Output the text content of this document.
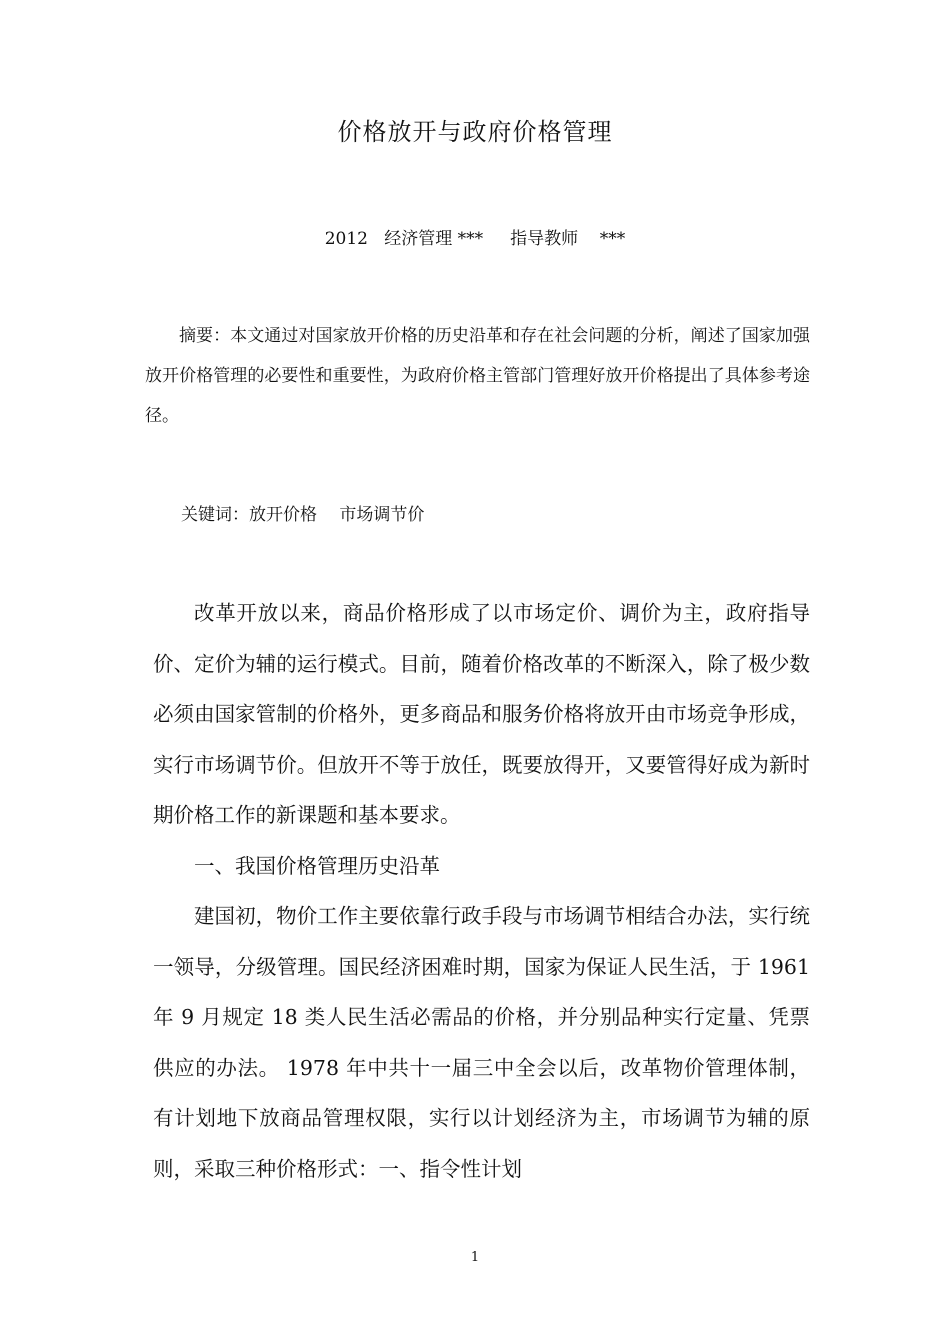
价格放开与政府价格管理
2012 经济管理 *** 指导教师 ***
摘要：本文通过对国家放开价格的历史沿革和存在社会问题的分析，阐述了国家加强放开价格管理的必要性和重要性，为政府价格主管部门管理好放开价格提出了具体参考途径。
关键词：放开价格　 市场调节价

改革开放以来，商品价格形成了以市场定价、调价为主，政府指导价、定价为辅的运行模式。目前，随着价格改革的不断深入，除了极少数必须由国家管制的价格外，更多商品和服务价格将放开由市场竞争形成，实行市场调节价。但放开不等于放任，既要放得开，又要管得好成为新时期价格工作的新课题和基本要求。

一、我国价格管理历史沿革

建国初，物价工作主要依靠行政手段与市场调节相结合办法，实行统一领导，分级管理。国民经济困难时期，国家为保证人民生活，于 1961 年 9 月规定 18 类人民生活必需品的价格，并分别品种实行定量、凭票供应的办法。 1978 年中共十一届三中全会以后，改革物价管理体制，有计划地下放商品管理权限，实行以计划经济为主，市场调节为辅的原则，采取三种价格形式：一、指令性计划

1
